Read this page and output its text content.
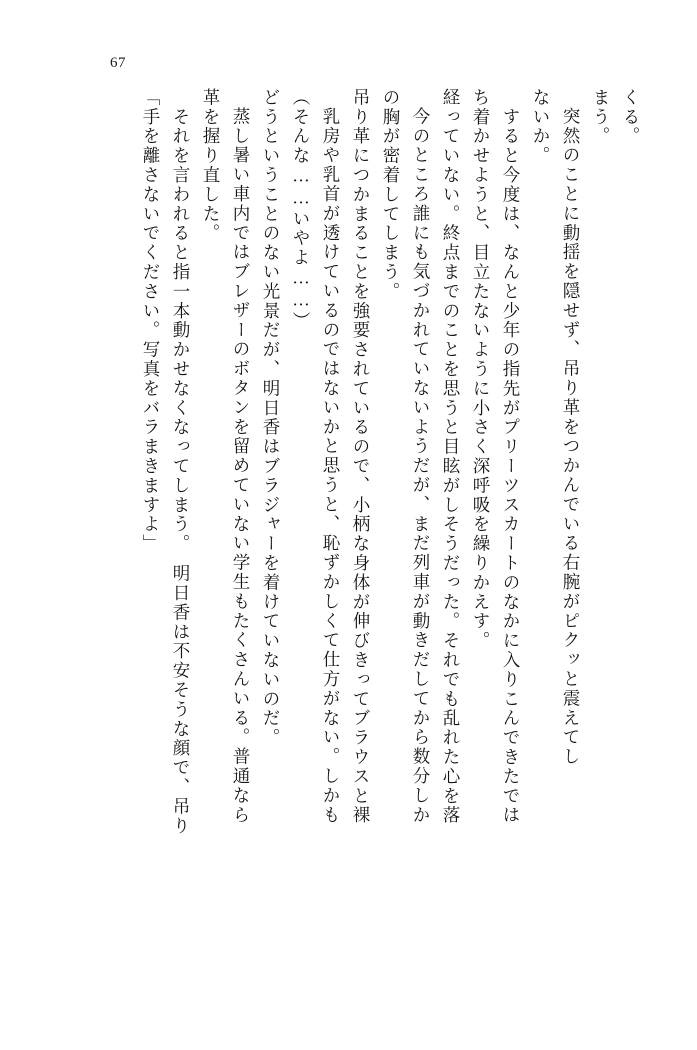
67
「手を離さないでください。写真をバラまきますよ」 　それを言われると指一本動かせなくなってしまう。　明日香は不安そうな顔で、吊り 革を握り直した。 蒸し暑い車内ではブレザーのボタンを留めていない学生もたくさんいる。普通なら どうということのない光景だが、明日香はブラジャーを着けていないのだ。 （そんな……いやよ……） 乳房や乳首が透けているのではないかと思うと、恥ずかしくて仕方がない。しかも 吊り革につかまることを強要されているので、小柄な身体が伸びきってブラウスと裸 の胸が密着してしまう。 今のところ誰にも気づかれていないようだが、まだ列車が動きだしてから数分しか 経っていない。終点までのことを思うと目眩がしそうだった。それでも乱れた心を落 ち着かせようと、目立たないように小さく深呼吸を繰りかえす。 　すると今度は、なんと少年の指先がプリーツスカートのなかに入りこんできたでは ないか。 突然のことに動揺を隠せず、吊り革をつかんでいる右腕がピクッと震えてし まう。 くる。
